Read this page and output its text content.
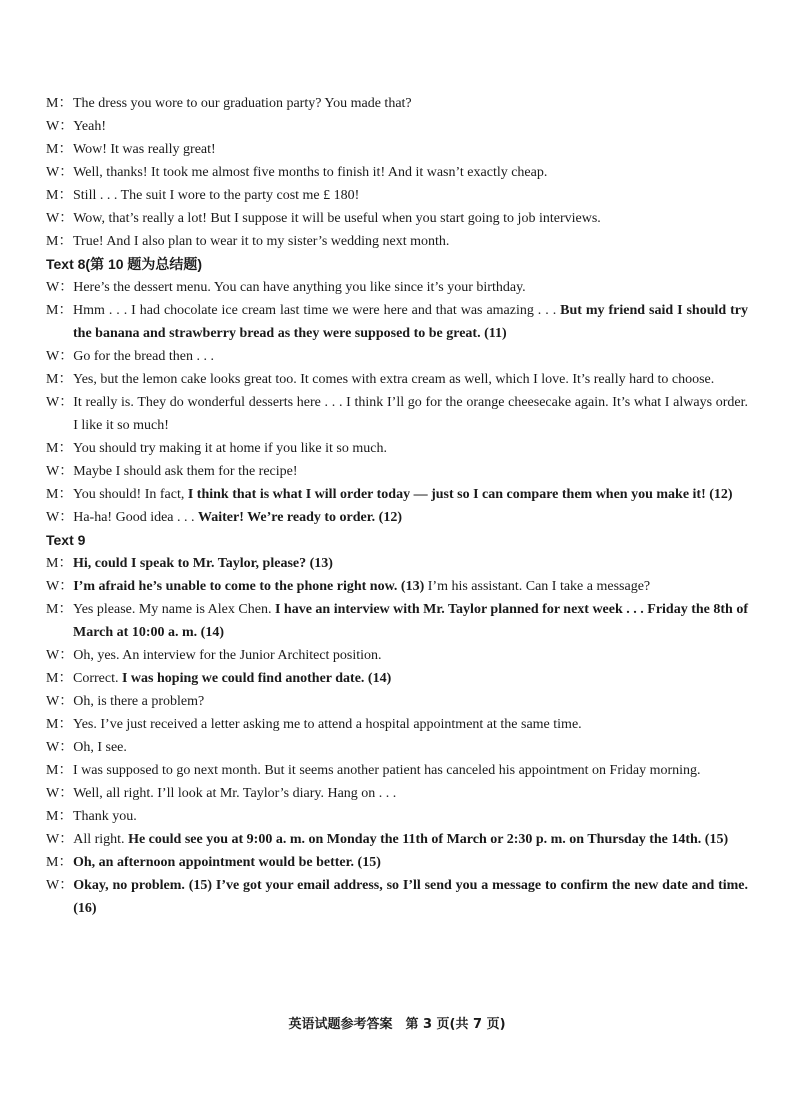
M： The dress you wore to our graduation party? You made that?
W： Yeah!
M： Wow! It was really great!
W： Well, thanks! It took me almost five months to finish it! And it wasn’t exactly cheap.
M： Still . . . The suit I wore to the party cost me £ 180!
W： Wow, that’s really a lot! But I suppose it will be useful when you start going to job interviews.
M： True! And I also plan to wear it to my sister’s wedding next month.
Text 8(第 10 题为总结题)
W： Here’s the dessert menu. You can have anything you like since it’s your birthday.
M： Hmm . . . I had chocolate ice cream last time we were here and that was amazing . . . But my friend said I should try the banana and strawberry bread as they were supposed to be great. (11)
W： Go for the bread then . . .
M： Yes, but the lemon cake looks great too. It comes with extra cream as well, which I love. It’s really hard to choose.
W： It really is. They do wonderful desserts here . . . I think I’ll go for the orange cheesecake again. It’s what I always order. I like it so much!
M： You should try making it at home if you like it so much.
W： Maybe I should ask them for the recipe!
M： You should! In fact, I think that is what I will order today — just so I can compare them when you make it! (12)
W： Ha-ha! Good idea . . . Waiter! We’re ready to order. (12)
Text 9
M： Hi, could I speak to Mr. Taylor, please? (13)
W： I’m afraid he’s unable to come to the phone right now. (13) I’m his assistant. Can I take a message?
M： Yes please. My name is Alex Chen. I have an interview with Mr. Taylor planned for next week . . . Friday the 8th of March at 10:00 a. m. (14)
W： Oh, yes. An interview for the Junior Architect position.
M： Correct. I was hoping we could find another date. (14)
W： Oh, is there a problem?
M： Yes. I’ve just received a letter asking me to attend a hospital appointment at the same time.
W： Oh, I see.
M： I was supposed to go next month. But it seems another patient has canceled his appointment on Friday morning.
W： Well, all right. I’ll look at Mr. Taylor’s diary. Hang on . . .
M： Thank you.
W： All right. He could see you at 9:00 a. m. on Monday the 11th of March or 2:30 p. m. on Thursday the 14th. (15)
M： Oh, an afternoon appointment would be better. (15)
W： Okay, no problem. (15) I’ve got your email address, so I’ll send you a message to confirm the new date and time. (16)
英语试题参考答案　第 3 页(共 7 页)
